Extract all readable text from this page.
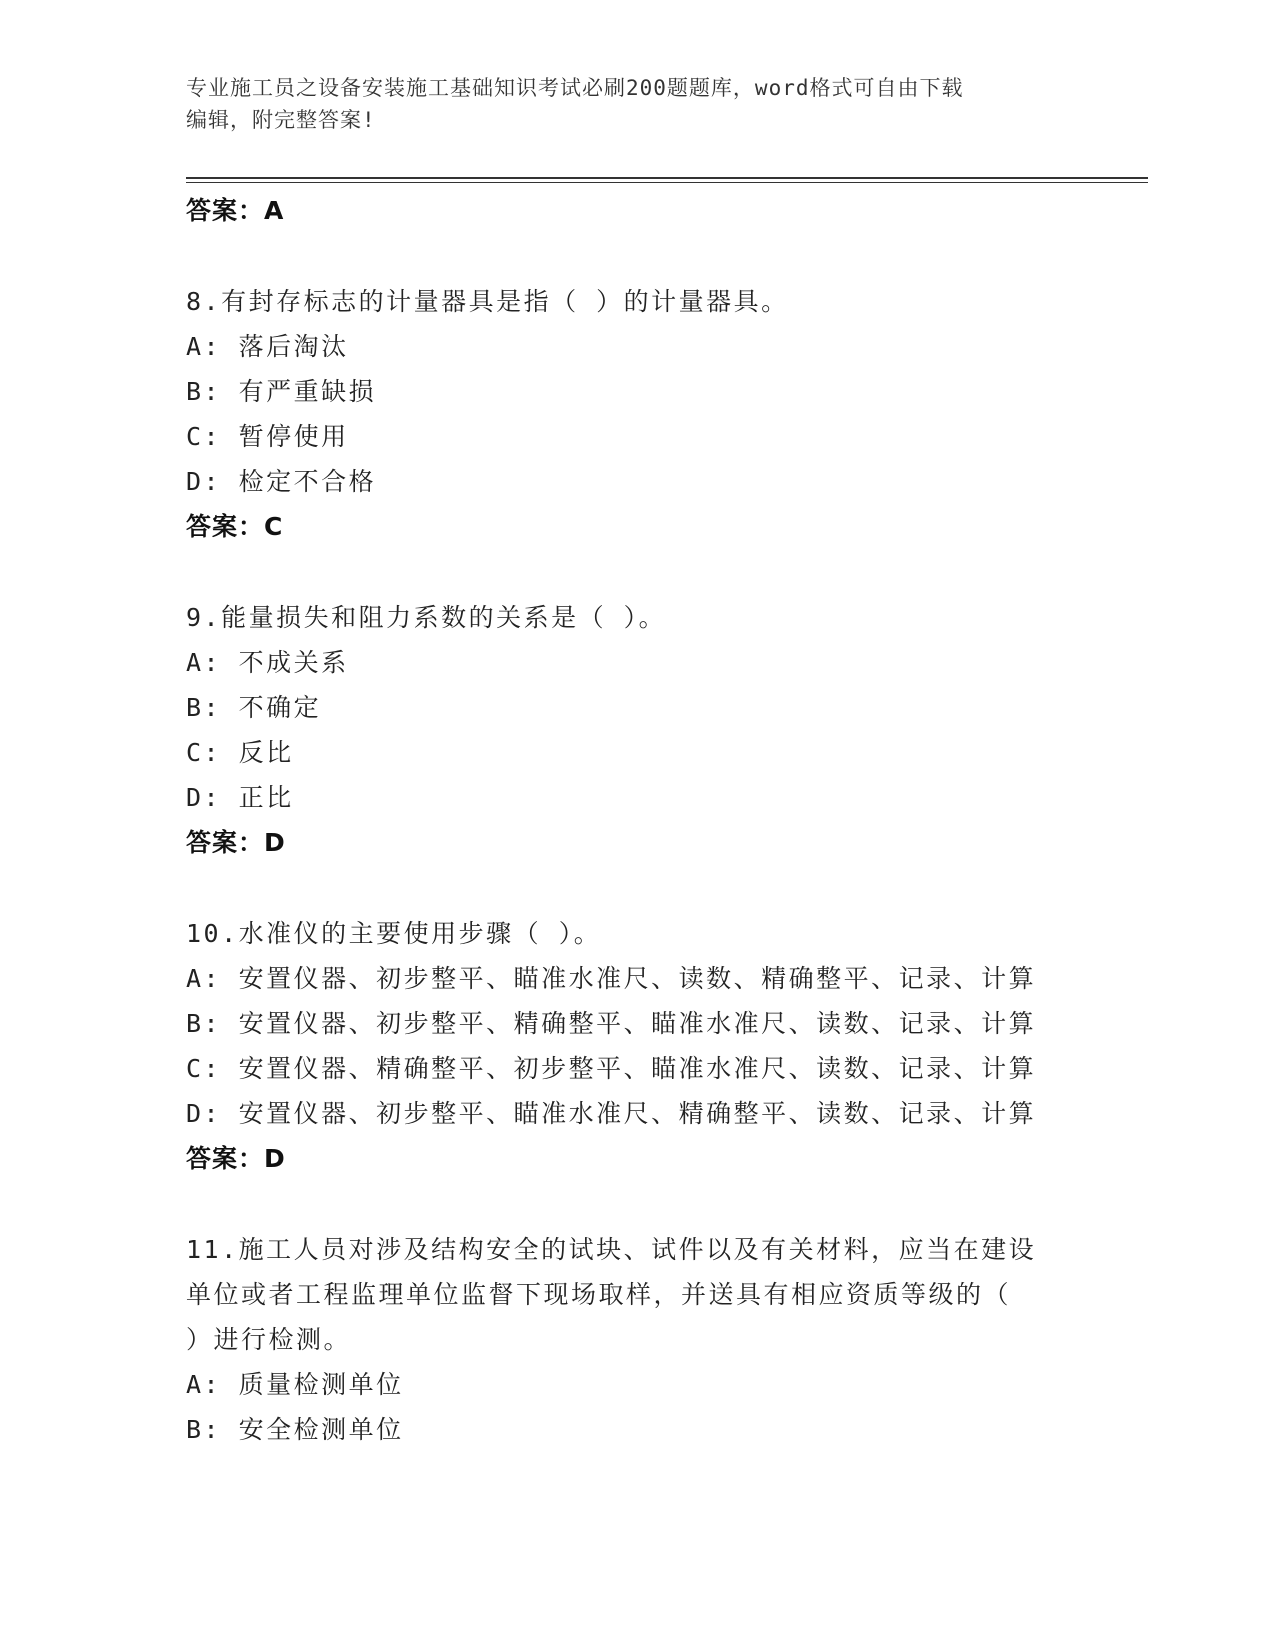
专业施工员之设备安装施工基础知识考试必刷200题题库，word格式可自由下载
编辑，附完整答案!
答案：A
8.有封存标志的计量器具是指（ ）的计量器具。
A: 落后淘汰
B: 有严重缺损
C: 暂停使用
D: 检定不合格
答案：C
9.能量损失和阻力系数的关系是（ ）。
A: 不成关系
B: 不确定
C: 反比
D: 正比
答案：D
10.水准仪的主要使用步骤（ ）。
A: 安置仪器、初步整平、瞄准水准尺、读数、精确整平、记录、计算
B: 安置仪器、初步整平、精确整平、瞄准水准尺、读数、记录、计算
C: 安置仪器、精确整平、初步整平、瞄准水准尺、读数、记录、计算
D: 安置仪器、初步整平、瞄准水准尺、精确整平、读数、记录、计算
答案：D
11.施工人员对涉及结构安全的试块、试件以及有关材料，应当在建设
单位或者工程监理单位监督下现场取样，并送具有相应资质等级的（
）进行检测。
A: 质量检测单位
B: 安全检测单位
